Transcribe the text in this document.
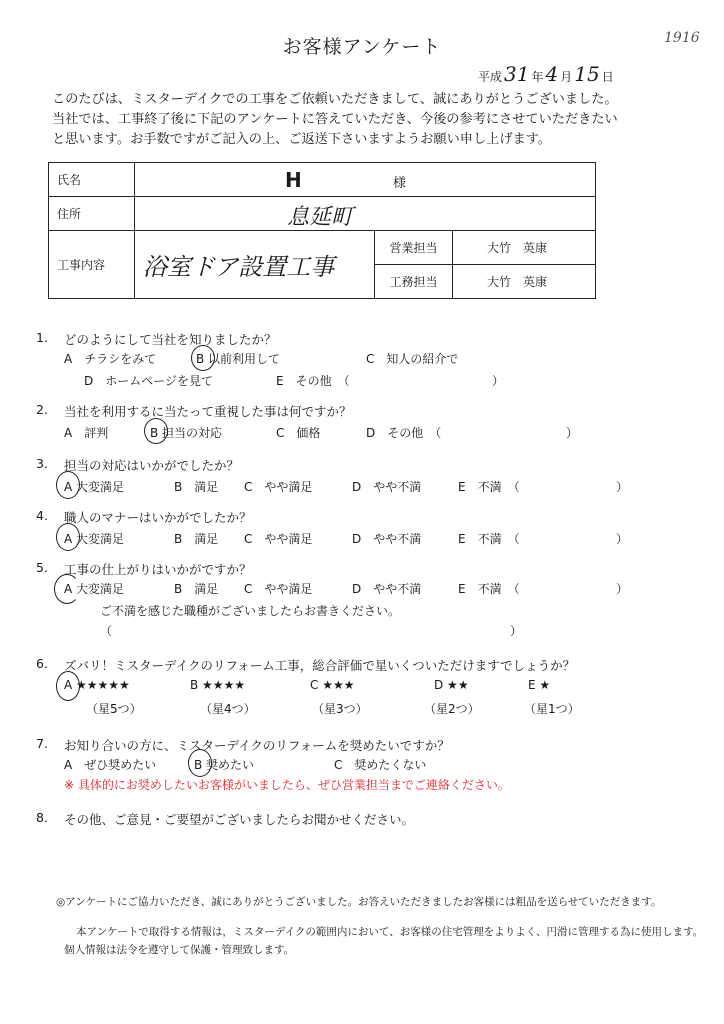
お客様アンケート	1916
平成 31 年 4 月 15 日
このたびは、ミスターデイクでの工事をご依頼いただきまして、誠にありがとうございました。
当社では、工事終了後に下記のアンケートに答えていただき、今後の参考にさせていただきたい
と思います。お手数ですがご記入の上、ご返送下さいますようお願い申し上げます。
氏名	H 様		

住所	息延町		

工事内容	浴室ドア設置工事	営業担当	大竹　英康
		工務担当	大竹　英康
1. どのようにして当社を知りましたか？
A　チラシをみて	B 以前利用して	C　知人の紹介で
D　ホームページを見て	E　その他　（	）
2. 当社を利用するに当たって重視した事は何ですか？
A　評判	B 担当の対応	C　価格	D　その他　（	）
3. 担当の対応はいかがでしたか？
A 大変満足	B　満足 C　やや満足	D　やや不満	E　不満　（	）
4. 職人のマナーはいかがでしたか？
A 大変満足	B　満足 C　やや満足	D　やや不満	E　不満　（	）
5. 工事の仕上がりはいかがですか？
A 大変満足	B　満足 C　やや満足	D　やや不満	E　不満　（	）
ご不満を感じた職種がございましたらお書きください。
（	）
6. ズバリ！ミスターデイクのリフォーム工事，総合評価で星いくついただけますでしょうか？
A ★★★★★	B ★★★★	C ★★★	D ★★	E ★
（星5つ）	（星4つ）	（星3つ）	（星2つ）	（星1つ）
7. お知り合いの方に、ミスターデイクのリフォームを奨めたいですか？
A　ぜひ奨めたい	B 奨めたい	C　奨めたくない
※ 具体的にお奨めしたいお客様がいましたら、ぜひ営業担当までご連絡ください。
8. その他、ご意見・ご要望がございましたらお聞かせください。
◎アンケートにご協力いただき、誠にありがとうございました。お答えいただきましたお客様には粗品を送らせていただきます。
本アンケートで取得する情報は，ミスターデイクの範囲内において、お客様の住宅管理をよりよく、円滑に管理する為に使用します。
個人情報は法令を遵守して保護・管理致します。
